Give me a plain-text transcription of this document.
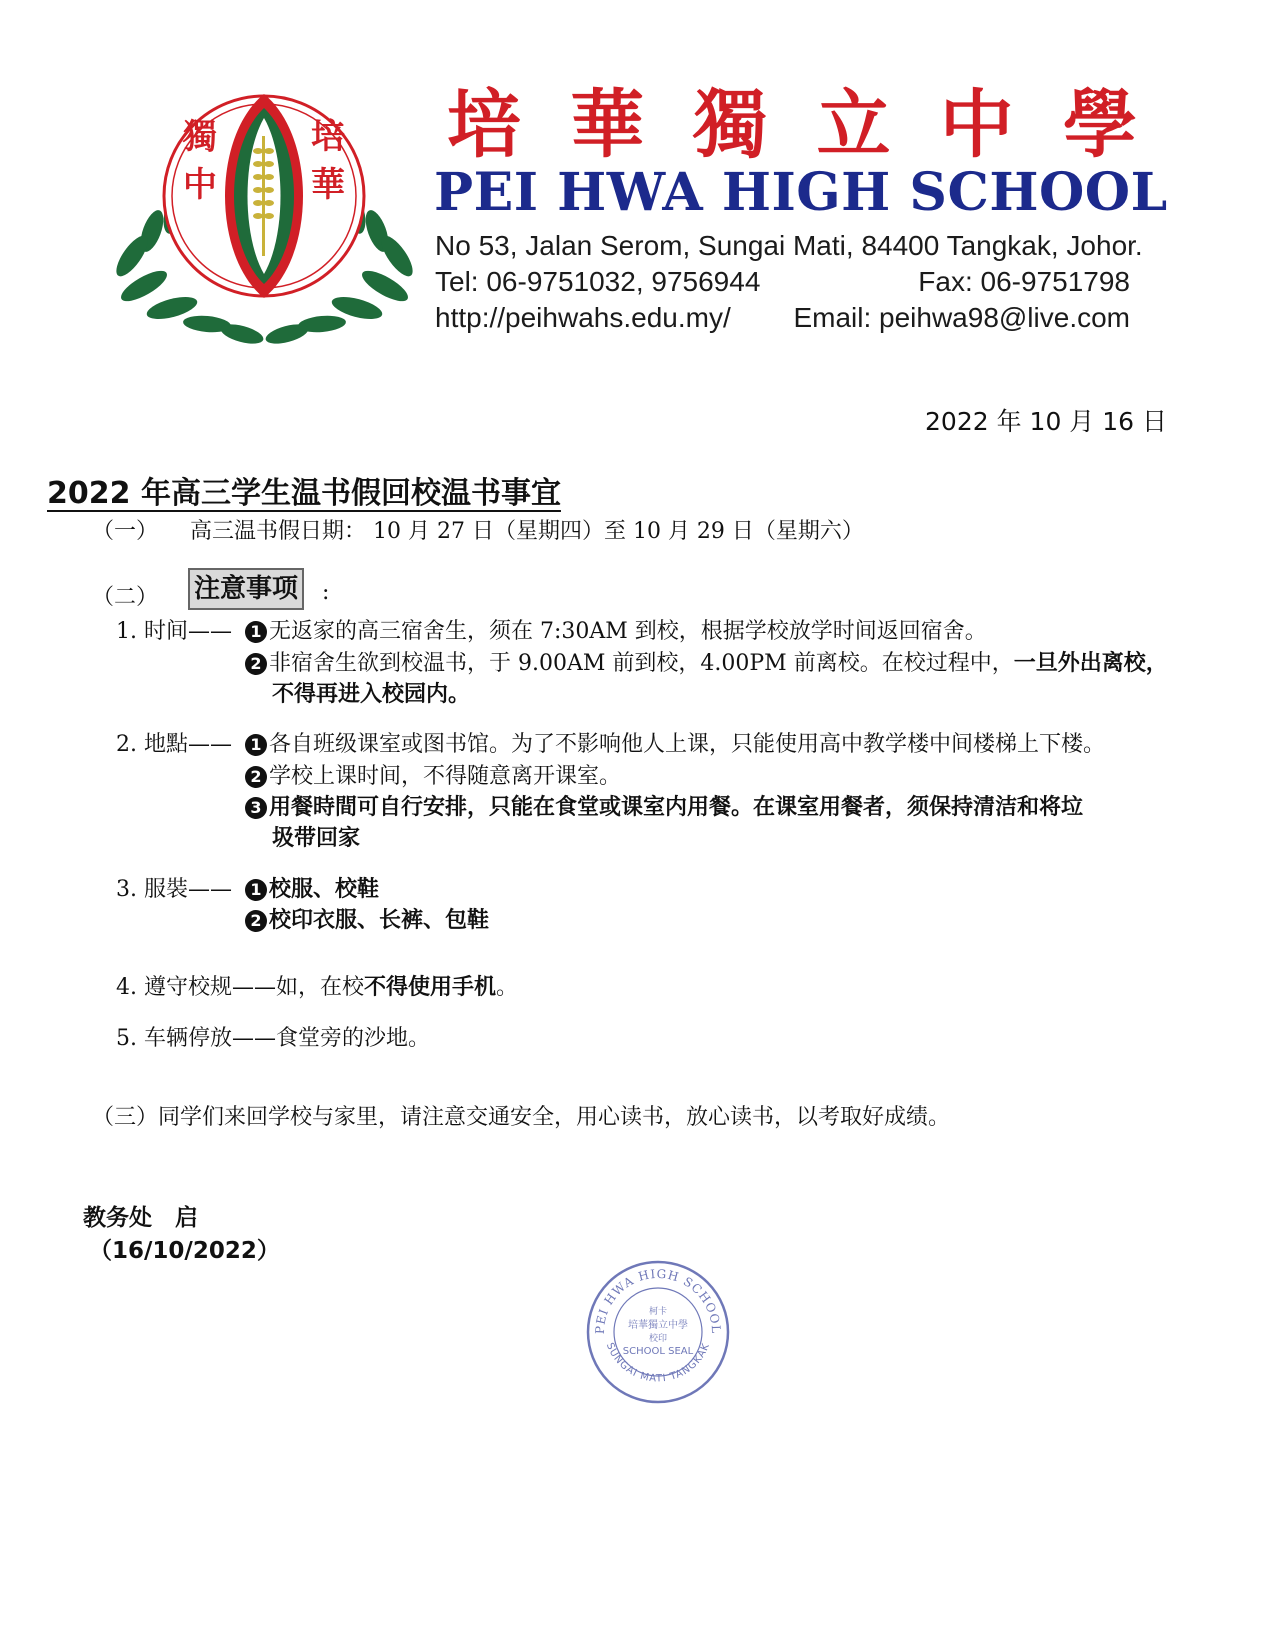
獨
中
培
華
培 華 獨 立 中 學
PEI HWA HIGH SCHOOL
No 53, Jalan Serom, Sungai Mati, 84400 Tangkak, Johor.
Tel: 06-9751032, 9756944	Fax: 06-9751798
http://peihwahs.edu.my/ Email: peihwa98@live.com
2022 年 10 月 16 日
2022 年高三学生温书假回校温书事宜
（一） 高三温书假日期： 10 月 27 日（星期四）至 10 月 29 日（星期六）
（二） 注意事项 :
1. 时间——	1 无返家的高三宿舍生，须在 7:30AM 到校，根据学校放学时间返回宿舍。
2 非宿舍生欲到校温书，于 9.00AM 前到校，4.00PM 前离校。在校过程中，一旦外出离校，
不得再进入校园内。
2. 地點——	1 各自班级课室或图书馆。为了不影响他人上课，只能使用高中教学楼中间楼梯上下楼。
2 学校上课时间，不得随意离开课室。
3 用餐時間可自行安排，只能在食堂或课室内用餐。在课室用餐者，须保持清洁和将垃
圾带回家
3. 服裝——	1 校服、校鞋
2 校印衣服、长裤、包鞋
4. 遵守校规——如，在校不得使用手机。
5. 车辆停放——食堂旁的沙地。
（三）同学们来回学校与家里，请注意交通安全，用心读书，放心读书，以考取好成绩。
教务处　启
（16/10/2022）
PEI HWA HIGH SCHOOL
SUNGAI MATI TANGKAK
柯卡
培華獨立中學
校印
SCHOOL SEAL
